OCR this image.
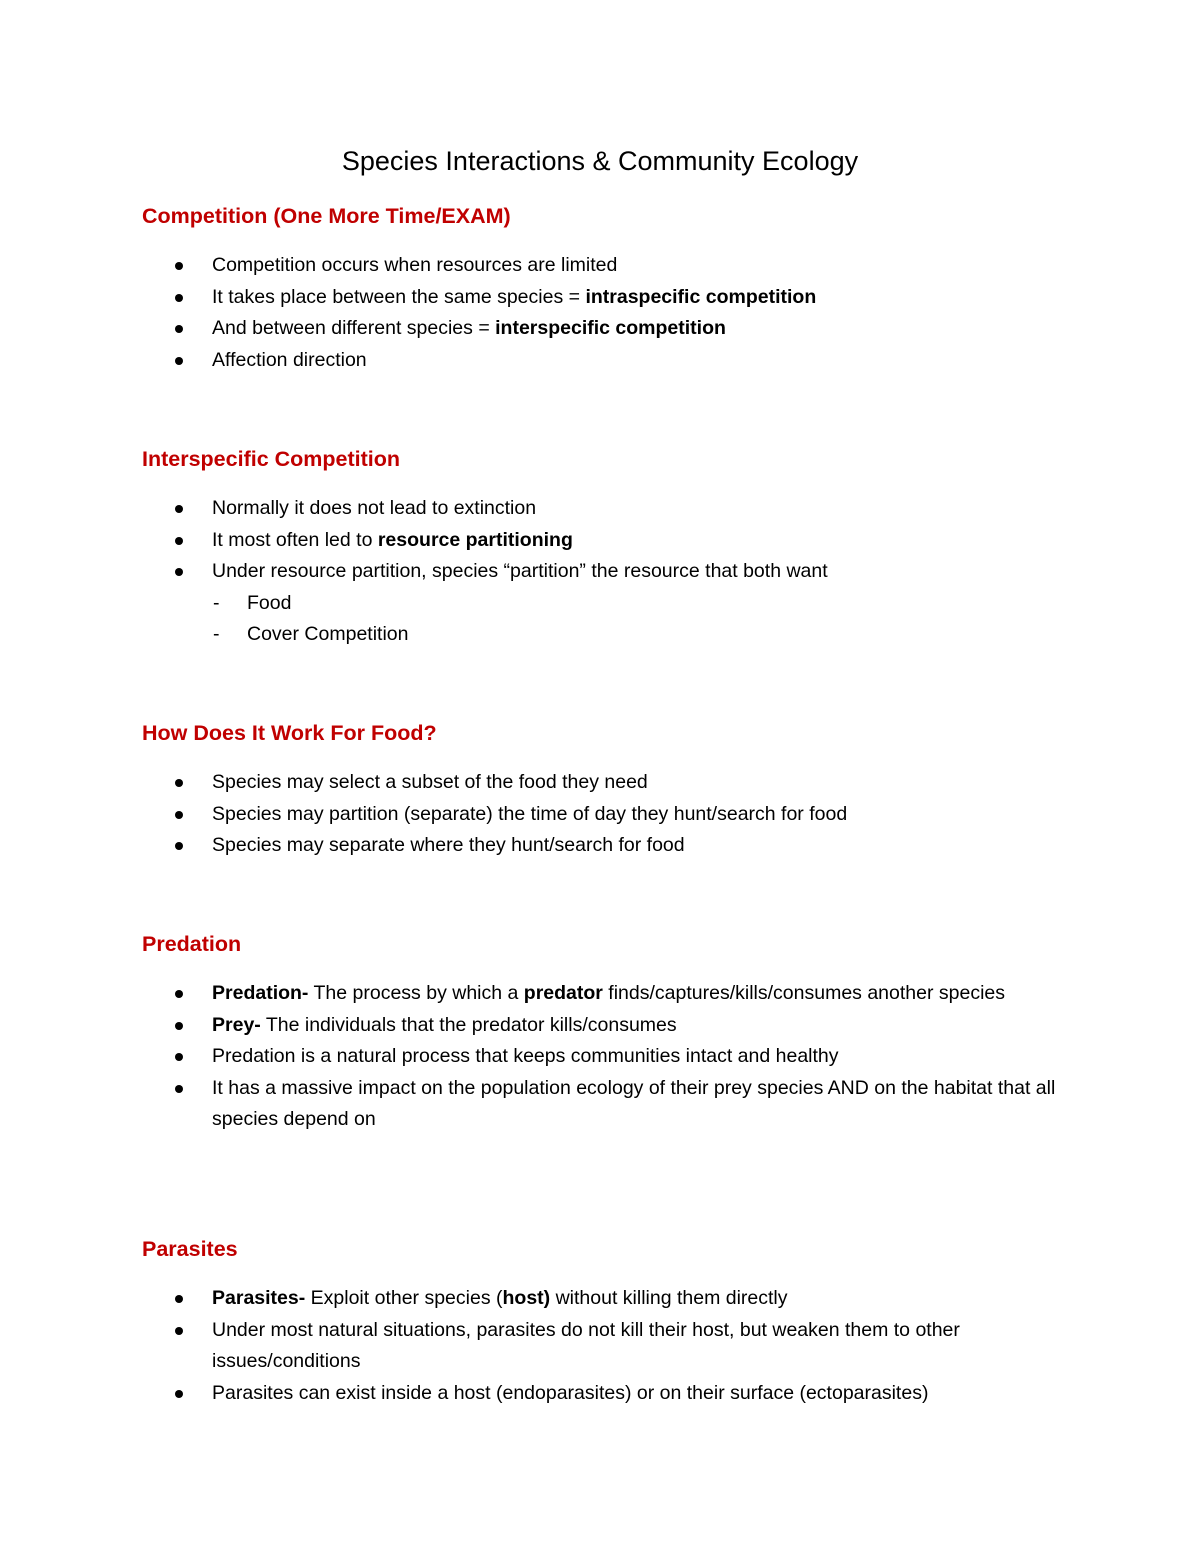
Species Interactions & Community Ecology
Competition (One More Time/EXAM)
Competition occurs when resources are limited
It takes place between the same species = intraspecific competition
And between different species = interspecific competition
Affection direction
Interspecific Competition
Normally it does not lead to extinction
It most often led to resource partitioning
Under resource partition, species “partition” the resource that both want
- Food
- Cover Competition
How Does It Work For Food?
Species may select a subset of the food they need
Species may partition (separate) the time of day they hunt/search for food
Species may separate where they hunt/search for food
Predation
Predation- The process by which a predator finds/captures/kills/consumes another species
Prey- The individuals that the predator kills/consumes
Predation is a natural process that keeps communities intact and healthy
It has a massive impact on the population ecology of their prey species AND on the habitat that all species depend on
Parasites
Parasites- Exploit other species (host) without killing them directly
Under most natural situations, parasites do not kill their host, but weaken them to other issues/conditions
Parasites can exist inside a host (endoparasites) or on their surface (ectoparasites)
